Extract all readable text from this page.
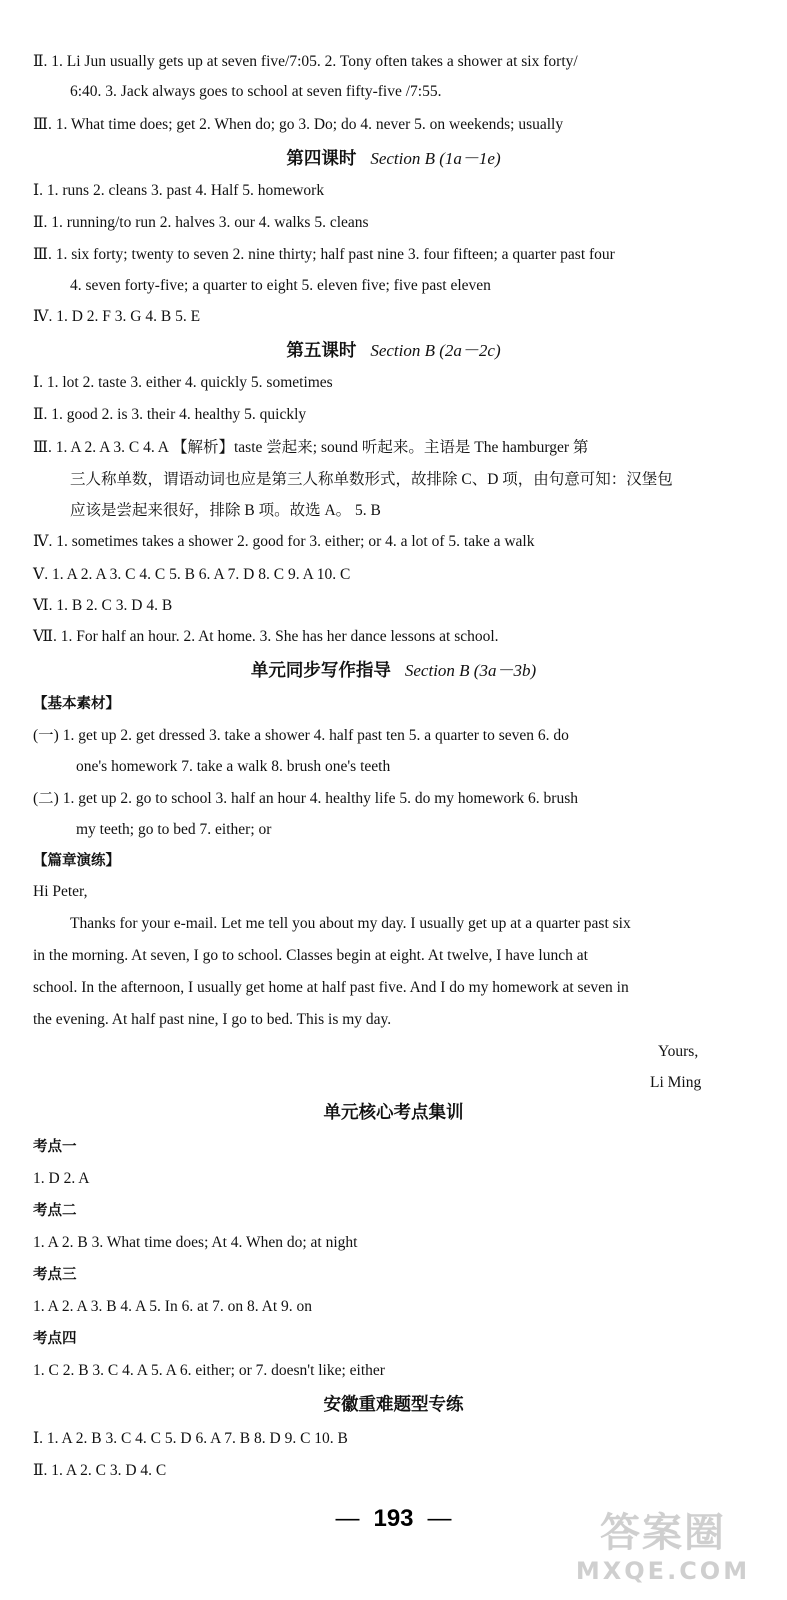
Ⅱ. 1. Li Jun usually gets up at seven five/7:05. 2. Tony often takes a shower at six forty/
6:40. 3. Jack always goes to school at seven fifty-five /7:55.
Ⅲ. 1. What time does; get 2. When do; go 3. Do; do 4. never 5. on weekends; usually
第四课时 Section B (1a－1e)
Ⅰ. 1. runs 2. cleans 3. past 4. Half 5. homework
Ⅱ. 1. running/to run 2. halves 3. our 4. walks 5. cleans
Ⅲ. 1. six forty; twenty to seven 2. nine thirty; half past nine 3. four fifteen; a quarter past four
4. seven forty-five; a quarter to eight 5. eleven five; five past eleven
Ⅳ. 1. D 2. F 3. G 4. B 5. E
第五课时 Section B (2a－2c)
Ⅰ. 1. lot 2. taste 3. either 4. quickly 5. sometimes
Ⅱ. 1. good 2. is 3. their 4. healthy 5. quickly
Ⅲ. 1. A 2. A 3. C 4. A 【解析】taste 尝起来; sound 听起来。主语是 The hamburger 第
三人称单数，谓语动词也应是第三人称单数形式，故排除 C、D 项，由句意可知：汉堡包
应该是尝起来很好，排除 B 项。故选 A。 5. B
Ⅳ. 1. sometimes takes a shower 2. good for 3. either; or 4. a lot of 5. take a walk
Ⅴ. 1. A 2. A 3. C 4. C 5. B 6. A 7. D 8. C 9. A 10. C
Ⅵ. 1. B 2. C 3. D 4. B
Ⅶ. 1. For half an hour. 2. At home. 3. She has her dance lessons at school.
单元同步写作指导 Section B (3a－3b)
【基本素材】
(一) 1. get up 2. get dressed 3. take a shower 4. half past ten 5. a quarter to seven 6. do
one's homework 7. take a walk 8. brush one's teeth
(二) 1. get up 2. go to school 3. half an hour 4. healthy life 5. do my homework 6. brush
my teeth; go to bed 7. either; or
【篇章演练】
Hi Peter,
Thanks for your e-mail. Let me tell you about my day. I usually get up at a quarter past six
in the morning. At seven, I go to school. Classes begin at eight. At twelve, I have lunch at
school. In the afternoon, I usually get home at half past five. And I do my homework at seven in
the evening. At half past nine, I go to bed. This is my day.
Yours,
Li Ming
单元核心考点集训
考点一
1. D 2. A
考点二
1. A 2. B 3. What time does; At 4. When do; at night
考点三
1. A 2. A 3. B 4. A 5. In 6. at 7. on 8. At 9. on
考点四
1. C 2. B 3. C 4. A 5. A 6. either; or 7. doesn't like; either
安徽重难题型专练
Ⅰ. 1. A 2. B 3. C 4. C 5. D 6. A 7. B 8. D 9. C 10. B
Ⅱ. 1. A 2. C 3. D 4. C
— 193 —	答案圈
MXQE.COM
